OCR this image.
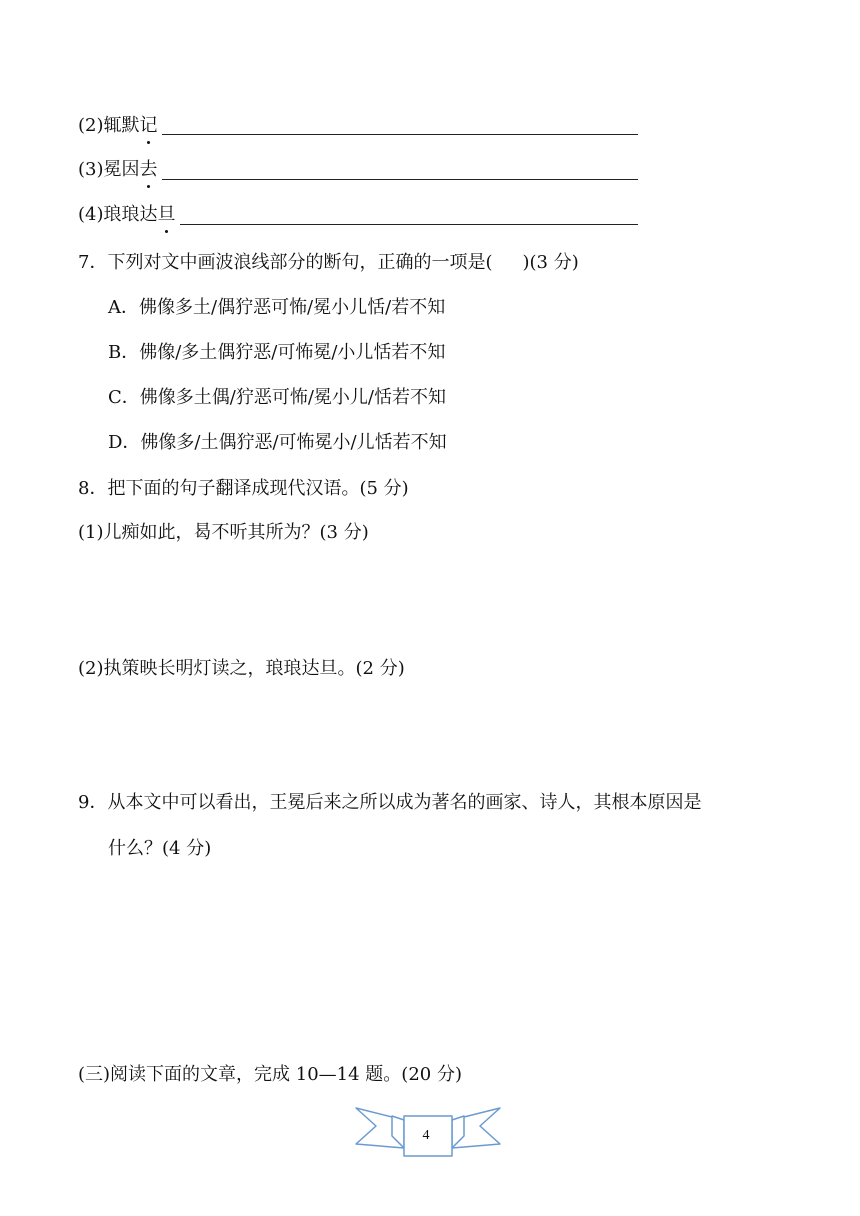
(2)辄默记
(3)冕因去
(4)琅琅达旦
7．下列对文中画波浪线部分的断句，正确的一项是( )(3 分)
A．佛像多土/偶狞恶可怖/冕小儿恬/若不知
B．佛像/多土偶狞恶/可怖冕/小儿恬若不知
C．佛像多土偶/狞恶可怖/冕小儿/恬若不知
D．佛像多/土偶狞恶/可怖冕小/儿恬若不知
8．把下面的句子翻译成现代汉语。(5 分)
(1)儿痴如此，曷不听其所为？(3 分)
(2)执策映长明灯读之，琅琅达旦。(2 分)
9．从本文中可以看出，王冕后来之所以成为著名的画家、诗人，其根本原因是
什么？(4 分)
(三)阅读下面的文章，完成 10—14 题。(20 分)
4
